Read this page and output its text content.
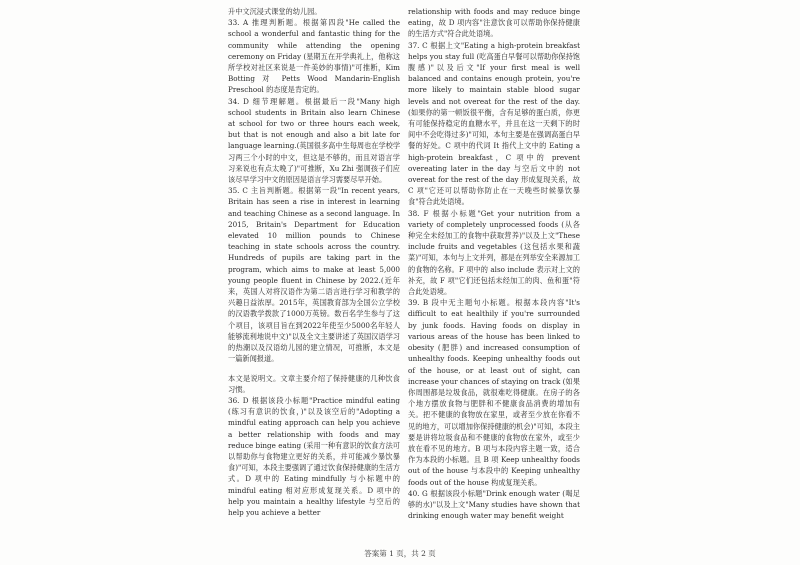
升中文沉浸式课堂的幼儿园。

33. A 推理判断题。根据第四段"He called the school a wonderful and fantastic thing for the community while attending the opening ceremony on Friday (星期五在开学典礼上，他称这所学校对社区来说是一件美妙的事情)"可推断，Kim Botting 对 Petts Wood Mandarin-English Preschool 的态度是肯定的。

34. D 细节理解题。根据最后一段"Many high school students in Britain also learn Chinese at school for two or three hours each week, but that is not enough and also a bit late for language learning.(英国很多高中生每周也在学校学习两三个小时的中文，但这是不够的，而且对语言学习来说也有点太晚了)"可推断，Xu Zhi 强调孩子们应该尽早学习中文的原因是语言学习需要尽早开始。

35. C 主旨判断题。根据第一段"In recent years, Britain has seen a rise in interest in learning and teaching Chinese as a second language. In 2015, Britain's Department for Education elevated 10 million pounds to Chinese teaching in state schools across the country. Hundreds of pupils are taking part in the program, which aims to make at least 5,000 young people fluent in Chinese by 2022.(近年来，英国人对将汉语作为第二语言进行学习和教学的兴趣日益浓厚。2015年，英国教育部为全国公立学校的汉语教学拨款了1000万英镑。数百名学生参与了这个项目，该项目旨在到2022年使至少5000名年轻人能够流利地说中文)"以及全文主要讲述了英国汉语学习的热潮以及汉语幼儿园的建立情况，可推断，本文是一篇新闻报道。

本文是说明文。文章主要介绍了保持健康的几种饮食习惯。

36. D 根据该段小标题"Practice mindful eating (练习有意识的饮食，)"以及该空后的"Adopting a mindful eating approach can help you achieve a better relationship with foods and may reduce binge eating (采用一种有意识的饮食方法可以帮助你与食物建立更好的关系，并可能减少暴饮暴食)"可知，本段主要强调了通过饮食保持健康的生活方式。D 项中的 Eating mindfully 与小标题中的 mindful eating 相对应形成复现关系。D 项中的 help you maintain a healthy lifestyle 与空后的 help you achieve a better

relationship with foods and may reduce binge eating，故 D 项内容"注意饮食可以帮助你保持健康的生活方式"符合此处语境。

37. C 根据上文"Eating a high-protein breakfast helps you stay full (吃高蛋白早餐可以帮助你保持饱腹感)"以及后文"If your first meal is well balanced and contains enough protein, you're more likely to maintain stable blood sugar levels and not overeat for the rest of the day.(如果你的第一顿饭很平衡，含有足够的蛋白质，你更有可能保持稳定的血糖水平，并且在这一天剩下的时间中不会吃得过多)"可知，本句主要是在强调高蛋白早餐的好处。C 项中的代词 It 指代上文中的 Eating a high-protein breakfast，C 项中的 prevent overeating later in the day 与空后文中的 not overeat for the rest of the day 形成复现关系，故 C 项"它还可以帮助你防止在一天晚些时候暴饮暴食"符合此处语境。

38. F 根据小标题"Get your nutrition from a variety of completely unprocessed foods (从各种完全未经加工的食物中获取营养)"以及上文"These include fruits and vegetables (这包括水果和蔬菜)"可知，本句与上文并列，都是在列举安全来源加工的食物的名称。F 项中的 also include 表示对上文的补充，故 F 项"它们还包括未经加工的肉、鱼和蛋"符合此处语境。

39. B 段中无主题句小标题。根据本段内容"It's difficult to eat healthily if you're surrounded by junk foods. Having foods on display in various areas of the house has been linked to obesity (肥胖) and increased consumption of unhealthy foods. Keeping unhealthy foods out of the house, or at least out of sight, can increase your chances of staying on track (如果你周围都是垃圾食品，就很难吃得健康。在房子的各个地方摆放食物与肥胖和不健康食品消费的增加有关。把不健康的食物放在家里，或者至少放在你看不见的地方，可以增加你保持健康的机会)"可知，本段主要是讲将垃圾食品和不健康的食物放在家外，或至少放在看不见的地方。B 项与本段内容主题一致，适合作为本段的小标题。且 B 项 Keep unhealthy foods out of the house 与本段中的 Keeping unhealthy foods out of the house 构成复现关系。

40. G 根据该段小标题"Drink enough water (喝足够的水)"以及上文"Many studies have shown that drinking enough water may benefit weight

答案第 1 页，共 2 页
